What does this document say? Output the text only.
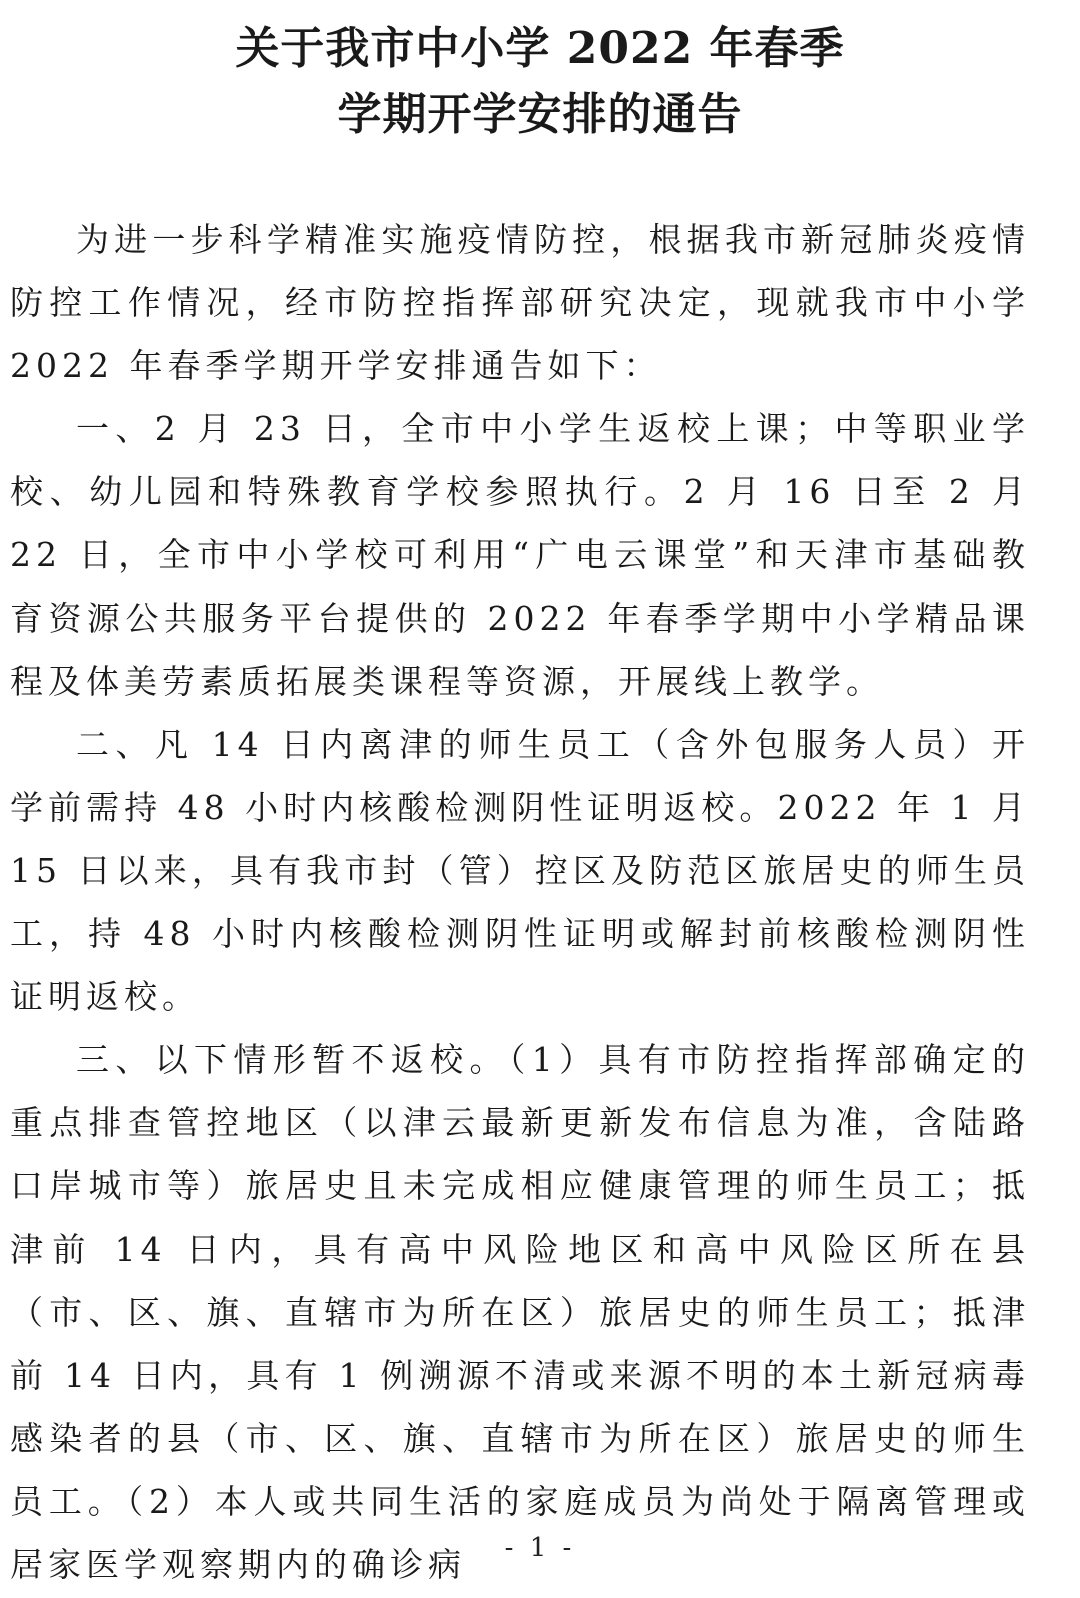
关于我市中小学 2022 年春季
学期开学安排的通告

为进一步科学精准实施疫情防控，根据我市新冠肺炎疫情防控工作情况，经市防控指挥部研究决定，现就我市中小学 2022 年春季学期开学安排通告如下：

一、2 月 23 日，全市中小学生返校上课；中等职业学校、幼儿园和特殊教育学校参照执行。2 月 16 日至 2 月 22 日，全市中小学校可利用“广电云课堂”和天津市基础教育资源公共服务平台提供的 2022 年春季学期中小学精品课程及体美劳素质拓展类课程等资源，开展线上教学。

二、凡 14 日内离津的师生员工（含外包服务人员）开学前需持 48 小时内核酸检测阴性证明返校。2022 年 1 月 15 日以来，具有我市封（管）控区及防范区旅居史的师生员工，持 48 小时内核酸检测阴性证明或解封前核酸检测阴性证明返校。

三、以下情形暂不返校。（1）具有市防控指挥部确定的重点排查管控地区（以津云最新更新发布信息为准，含陆路口岸城市等）旅居史且未完成相应健康管理的师生员工；抵津前 14 日内，具有高中风险地区和高中风险区所在县（市、区、旗、直辖市为所在区）旅居史的师生员工；抵津前 14 日内，具有 1 例溯源不清或来源不明的本土新冠病毒感染者的县（市、区、旗、直辖市为所在区）旅居史的师生员工。（2）本人或共同生活的家庭成员为尚处于隔离管理或居家医学观察期内的确诊病	- 1 -
